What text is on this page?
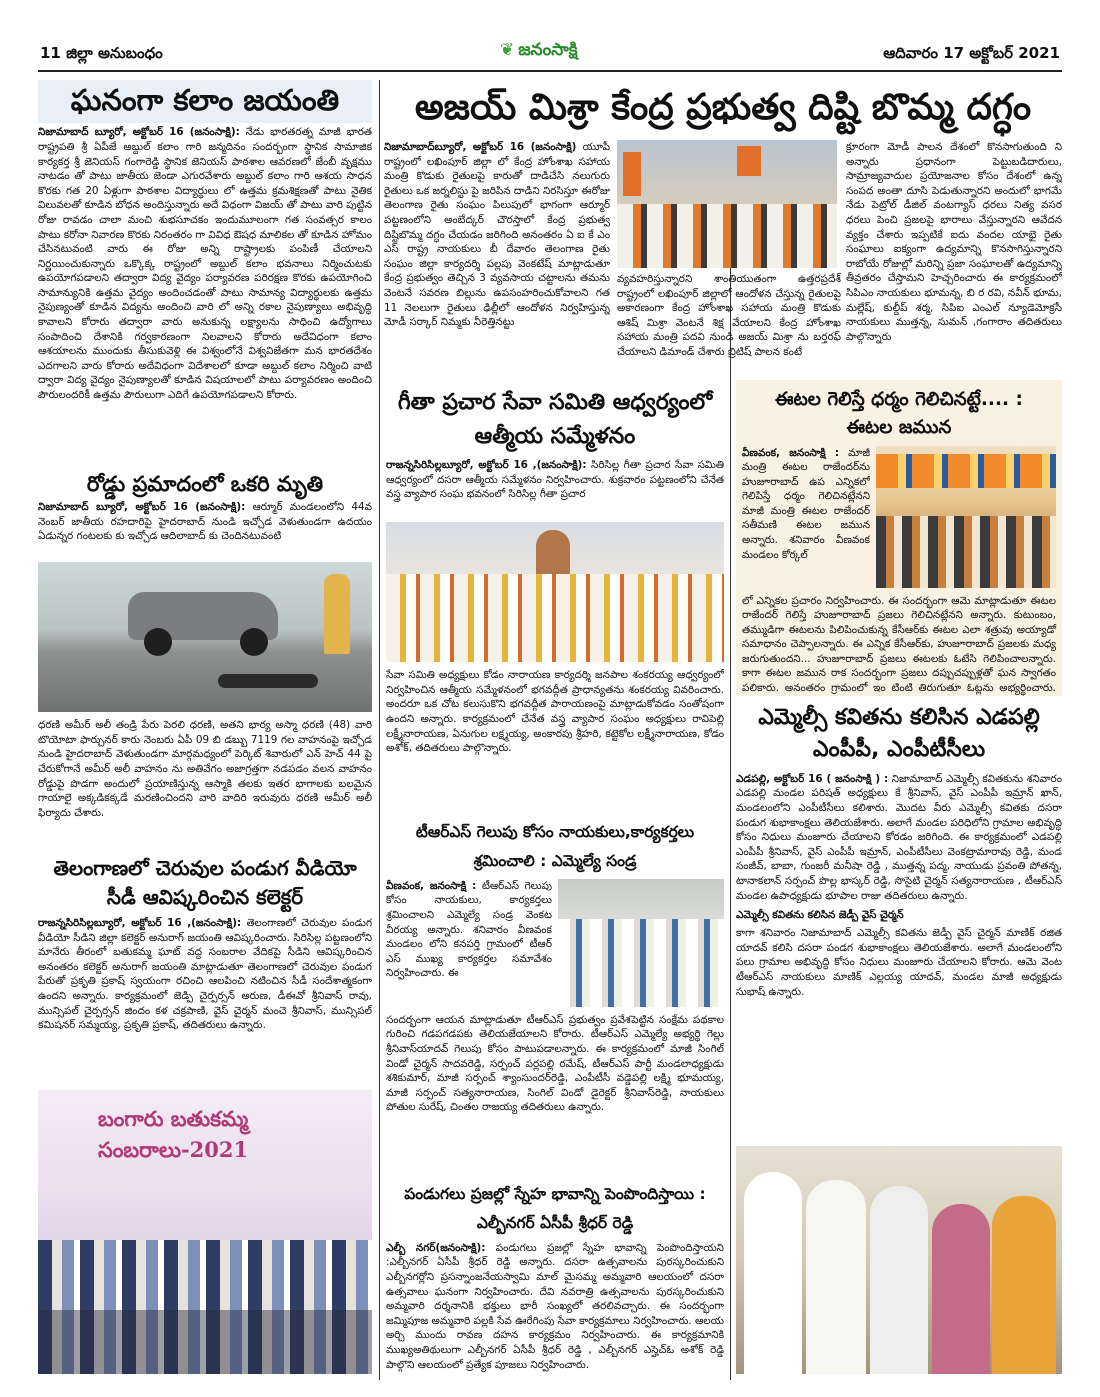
11 జిల్లా అనుబంధం	❦ జనంసాక్షి	ఆదివారం 17 అక్టోబర్ 2021
ఘనంగా కలాం జయంతి
నిజామాబాద్ బ్యూరో, అక్టోబర్ 16 (జనంసాక్షి): నేడు భారతరత్న మాజీ భారత రాష్ట్రపతి శ్రీ ఏపీజే అబ్దుల్ కలాం గారి జన్మదినం సందర్భంగా స్థానిక సామాజిక కార్యకర్త శ్రీ జెనియస్ గంగారెడ్డి స్థానిక జెనియస్ పాఠశాల ఆవరణలో జేంబీ వృక్షము నాటడం తో పాటు జాతీయ జెండా ఎగురవేశారు అబ్దుల్ కలాం గారి ఆశయ సాధన కొరకు గత 20 ఏళ్లుగా పాఠశాల విద్యార్థులు లో ఉత్తమ క్రమశిక్షణతో పాటు నైతిక విలువలతో కూడిన బోధన అందిస్తున్నారు అదే విధంగా విజయ్ తో పాటు వారి పుట్టిన రోజు రావడం చాలా మంచి శుభసూచకం ఇందుమూలంగా గత సంవత్సర కాలం పాటు కరోనా నివారణ కొరకు నిరంతరం గా వివిధ ఔషధ మాలికల తో కూడిన హోమం చేసినటువంటి వారు ఈ రోజు అన్ని రాష్ట్రాలకు పంపిణీ చేయాలని నిర్ణయించుకున్నారు ఒక్కొక్క రాష్ట్రంలో అబ్దుల్ కలాం భవనాలు నిర్మించుటకు ఉపయోగపడాలని తద్వారా విద్య వైద్యం పర్యావరణ పరిరక్షణ కొరకు ఉపయోగించి సామాన్యునికి ఉత్తమ వైద్యం అందించడంతో పాటు సామాన్య విద్యార్థులకు ఉత్తమ నైపుణ్యంతో కూడిన విద్యను అందించి వారి లో అన్ని రకాల నైపుణ్యాలు అభివృద్ధి కావాలని కోరారు తద్వారా వారు అనుకున్న లక్ష్యాలను సాధించి ఉద్యోగాలు సంపాదించి దేశానికి గర్వకారణంగా నిలవాలని కోరారు అదేవిధంగా కలాం ఆశయాలను ముందుకు తీసుకువెళ్లి ఈ విశ్వంలోనే విశ్వవిజేతగా మన భారతదేశం ఎదగాలని వారు కోరారు అదేవిధంగా విదేశాలలో కూడా అబ్దుల్ కలాం నిర్మించి వాటి ద్వారా విద్య వైద్యం నైపుణ్యాలతో కూడిన విషయాలలో పాటు పర్యావరణం అందించి పౌరులందరికీ ఉత్తమ పౌరులుగా ఎదిగే ఉపయోగపడాలని కోరారు.
రోడ్డు ప్రమాదంలో ఒకరి మృతి
నిజామాబాద్ బ్యూరో, అక్టోబర్ 16 (జనంసాక్షి): ఆర్మూర్ మండలంలోని 44వ నెంబర్ జాతీయ రహదారిపై హైదరాబాద్ నుండి ఇచ్చోడ వెళుతుండగా ఉదయం ఏడున్నర గంటలకు కు ఇచ్చోడ ఆదిలాబాద్ కు చెందినటువంటి
ధరణి అమీర్ అలీ తండ్రి పేరు పెరలి ధరణి, అతని భార్య అస్మా ధరణి (48) వారి టొయోటా ఫార్చునర్ కారు నెంబరు ఏపీ 09 బి డబ్బు 7119 గల వాహనంపై ఇచ్చోడ నుండి హైదరాబాద్ వెళుతుండగా మార్గమధ్యంలో పెర్కిట్ శివారులో ఎన్ హెచ్ 44 పై చేరుకోగానే అమీర్ అలీ వాహనం ను అతివేగం అజాగ్రత్తగా నడపడం వలన వాహనం రోడ్డుపై పొడగా అందులో ప్రయాణిస్తున్న ఆస్మాకి తలకు ఇతర భాగాలకు బలమైన గాయాలై అక్కడికక్కడే మరణించిందని వారి వాదిరి ఇరువురు ధరణి అమీర్ అలీ ఫిర్యాదు చేశారు.
తెలంగాణలో చెరువుల పండుగ వీడియో సీడీ ఆవిష్కరించిన కలెక్టర్
రాజన్నసిరిసిల్లబ్యూరో, అక్టోబర్ 16 ,(జనంసాక్షి): తెలంగాణలో చెరువుల పండుగ వీడియో సీడిని జిల్లా కలెక్టర్ అనురాగ్ జయంతి ఆవిష్కరించారు. సిరిసిల్ల పట్టణంలోని మానేరు తీరంలో బతుకమ్మ ఘాట్ వద్ద సంబరాల వేదికపై సీడిని ఆవిష్కరించిన అనంతరం కలెక్టర్ అనురాగ్ జయంతి మాట్లాడుతూ తెలంగాణలో చెరువుల పండుగ పేరుతో ప్రకృతి ప్రకాష్ స్వయంగా రచించి ఆలపించి నటించిన సీడీ సందేశాత్మకంగా ఉందని అన్నారు. కార్యక్రమంలో జెడ్పి చైర్పర్సన్ అరుణ, డీఈవో శ్రీనివాస్ రావు, మున్సిపల్ చైర్పర్సన్ జిందం కళ చక్రపాణి, వైస్ చైర్మన్ మంచె శ్రీనివాస్, మున్సిపల్ కమిషనర్ సమ్మయ్య, ప్రకృతి ప్రకాష్, తదితరులు ఉన్నారు.
బంగారు బతుకమ్మ సంబరాలు-2021
అజయ్ మిశ్రా కేంద్ర ప్రభుత్వ దిష్టి బొమ్మ దగ్ధం
నిజామాబాద్‌బ్యూరో, అక్టోబర్ 16 (జనంసాక్షి) యూపీ రాష్ట్రంలో లఖింపూర్ జిల్లా లో కేంద్ర హోంశాఖ సహాయ మంత్రి కొడుకు రైతులపై కారుతో దాడిచేసి నలుగురు రైతులు ఒక జర్నలిస్టు పై జరిపిన దాడిని నిరసిస్తూ ఈరోజు తెలంగాణ రైతు సంఘం పిలుపులో భాగంగా ఆర్మూర్ పట్టణంలోని అంబేద్కర్ చౌరస్తాలో కేంద్ర ప్రభుత్వ దిష్టిబొమ్మ దగ్ధం చేయడం జరిగింది అనంతరం ఏ ఐ కే ఎం ఎస్ రాష్ట్ర నాయకులు బీ దేవారం తెలంగాణ రైతు సంఘం జిల్లా కార్యదర్శి పల్లపు వెంకటేష్ మాట్లాడుతూ కేంద్ర ప్రభుత్వం తెచ్చిన 3 వ్యవసాయ చట్టాలను తమను వెంటనే సవరణ బిల్లును ఉపసంహరించుకోవాలని గత 11 నెలలుగా రైతులు ఢిల్లీలో ఆందోళన నిర్వహిస్తున్న మోడీ సర్కార్ నిమ్మకు నీరెత్తినట్టు
వ్యవహరిస్తున్నారని శాంతియుతంగా ఉత్తరప్రదేశ్ రాష్ట్రంలో లఖింపూర్ జిల్లాలో ఆందోళన చేస్తున్న రైతులపై అకారణంగా కేంద్ర హోంశాఖ సహాయ మంత్రి కొడుకు ఆశిష్ మిశ్రా వెంటనే శిక్ష వేయాలని కేంద్ర హోంశాఖ సహాయ మంత్రి పదవి నుండి అజయ్ మిశ్రా ను బర్తరఫ్ చేయాలని డిమాండ్ చేశారు బ్రిటిష్ పాలన కంటే
క్రూరంగా మోడీ పాలన దేశంలో కొనసాగుతుంది ని అన్నారు ప్రధానంగా పెట్టుబడిదారులు, సామ్రాజ్యవాదుల ప్రయోజనాల కోసం దేశంలో ఉన్న సంపద అంతా దూసి పెడుతున్నారని అందులో భాగమే నేడు పెట్రోల్ డీజిల్ వంటగ్యాస్ ధరలు నిత్య వసర ధరలు పెంచి ప్రజలపై భారాలు వేస్తున్నారని ఆవేదన వ్యక్తం చేశారు ఇప్పటికే ఐదు వందల యాభై రైతు సంఘాలు ఐక్యంగా ఉద్యమాన్ని కొనసాగిస్తున్నారని రాబోయే రోజుల్లో మరిన్ని ప్రజా సంఘాలతో ఉద్యమాన్ని తీవ్రతరం చేస్తామని హెచ్చరించారు ఈ కార్యక్రమంలో సిపిఎం నాయకులు భూమన్న, బి ర రవి, నవీన్ భూమ, మల్లేష్, కుల్దీప్ శర్మ, సిపిఐ ఎంఎల్ న్యూడెమోక్రసీ నాయకులు ముత్తన్న, సుమన్ ,గంగారాం తదితరులు పాల్గొన్నారు
గీతా ప్రచార సేవా సమితి ఆధ్వర్యంలో ఆత్మీయ సమ్మేళనం
రాజన్నసిరిసిల్లబ్యూరో, అక్టోబర్ 16 ,(జనంసాక్షి): సిరిసిల్ల గీతా ప్రచార సేవా సమితి ఆధ్వర్యంలో దసరా ఆత్మీయ సమ్మేళనం నిర్వహించారు. శుక్రవారం పట్టణంలోని చేనేత వస్త్ర వ్యాపార సంఘ భవనంలో సిరిసిల్ల గీతా ప్రచార
సేవా సమితి అధ్యక్షులు కోడం నారాయణ కార్యదర్శి జనపాల శంకరయ్య ఆధ్వర్యంలో నిర్వహించిన ఆత్మీయ సమ్మేళనంలో భగవద్గీత ప్రాధాన్యతను శంకరయ్య వివరించారు. అందరూ ఒక చోట కలుసుకొని భగవద్గీత పారాయణంపై మాట్లాడుకోవడం సంతోషంగా ఉందని అన్నారు. కార్యక్రమంలో చేనేత వస్త్ర వ్యాపార సంఘం అధ్యక్షులు రావిపెల్లి లక్ష్మీనారాయణ, ఏనుగుల లక్ష్మయ్య, అంకారపు శ్రీహరి, కట్టెకోల లక్ష్మీనారాయణ, కోడం అశోక్, తదితరులు పాల్గొన్నారు.
టీఆర్ఎస్ గెలుపు కోసం నాయకులు,కార్యకర్తలు శ్రమించాలి : ఎమ్మెల్యే సండ్ర
వీణవంక, జనంసాక్షి : టీఆర్ఎస్ గెలుపు కోసం నాయకులు, కార్యకర్తలు శ్రమించాలని ఎమ్మెల్యే సండ్ర వెంకట వీరయ్య అన్నారు. శనివారం వీణవంక మండలం లోని కనపర్తి గ్రామంలో టీఆర్ ఎస్ ముఖ్య కార్యకర్తల సమావేశం నిర్వహించారు. ఈ
సందర్భంగా ఆయన మాట్లాడుతూ టీఆర్ఎస్ ప్రభుత్వం ప్రవేశపెట్టిన సంక్షేమ పథకాల గురించి గడపగడపకు తెలియజేయాలని కోరారు. టీఆర్ఎస్ ఎమ్మెల్యే అభ్యర్థి గెల్లు శ్రీనివాస్‌యాదవ్ గెలుపు కోసం పాటుపడాలన్నారు. ఈ కార్యక్రమంలో మాజీ సింగిల్ విండో చైర్మన్ సాదవరెడ్డి, సర్పంచ్ పర్లపల్లి రమేష్, టీఆర్ఎస్ పార్టీ మండలాధ్యక్షుడు శశికుమార్, మాజీ సర్పంచ్ శ్యాంసుందర్‌రెడ్డి, ఎంపీటీసీ వడ్డెపల్లి లక్ష్మి భూమయ్య, మాజీ సర్పంచ్ సత్యనారాయణ, సింగిల్ విండో డైరెక్టర్ శ్రీనివాస్‌రెడ్డి, నాయకులు పోతుల సురేష్, చింతల రాజయ్య తదితరులు ఉన్నారు.
పండుగలు ప్రజల్లో స్నేహ భావాన్ని పెంపొందిస్తాయి : ఎల్బీనగర్ ఏసీపీ శ్రీధర్ రెడ్డి
ఎల్బీ నగర్(జనంసాక్షి): పండుగలు ప్రజల్లో స్నేహ భావాన్ని పెంపొందిస్తాయని :ఎల్బీనగర్ ఏసీపీ శ్రీధర్ రెడ్డి అన్నారు. దసరా ఉత్సవాలను పురస్కరించుకుని ఎల్బీనగర్లోని ప్రసన్నాంజనేయస్వామి మాల్ మైసమ్మ అమ్మవారి ఆలయంలో దసరా ఉత్సవాలు ఘనంగా నిర్వహించారు. దేవి నవరాత్రి ఉత్సవాలను పురస్కరించుకుని అమ్మవారి దర్శనానికి భక్తులు భారీ సంఖ్యలో తరలివచ్చారు. ఈ సందర్భంగా జమ్మిపూజ అమ్మవారి పల్లకి సేవ ఊరేగింపు సేవా కార్యక్రమాలు నిర్వహించారు. ఆలయ అర్చి ముందు రావణ దహన కార్యక్రమం నిర్వహించారు. ఈ కార్యక్రమానికి ముఖ్యఅతిథులుగా ఎల్బీనగర్ ఏసీపీ శ్రీధర్ రెడ్డి , ఎల్బీనగర్ ఎస్హెచ్ఓ అశోక్ రెడ్డి పాల్గొని ఆలయంలో ప్రత్యేక పూజలు నిర్వహించారు.
ఈటల గెలిస్తే ధర్మం గెలిచినట్టే.... :
ఈటల జమున
వీణవంక, జనంసాక్షి : మాజీ మంత్రి ఈటల రాజేందర్‌ను హుజూరాబాద్ ఉప ఎన్నికలో గెలిపిస్తే ధర్మం గెలిచినట్లేనని మాజీ మంత్రి ఈటల రాజేందర్ సతీమణి ఈటల జమున అన్నారు. శనివారం వీణవంక మండలం కోర్కల్
లో ఎన్నికల ప్రచారం నిర్వహించారు. ఈ సందర్భంగా ఆమె మాట్లాడుతూ ఈటల రాజేందర్ గెలిస్తే హుజూరాబాద్ ప్రజలు గెలిచినట్లేనని అన్నారు. కుటుంబం, తమ్ముడిగా ఈటలను పిలిపించుకున్న కేసీఆర్‌కు ఈటల ఎలా శత్రువు అయ్యాడో సమాధానం చెప్పాలన్నారు. ఈ ఎన్నిక కేసీఆర్‌కు, హుజూరాబాద్ ప్రజలకు మధ్య జరుగుతుందని... హుజూరాబాద్ ప్రజలు ఈటలకు ఓటేసి గెలిపించాలన్నారు. కాగా ఈటల జమున రాక సందర్భంగా ప్రజలు దప్పుచప్పుళ్లతో ఘన స్వాగతం పలికారు. అనంతరం గ్రామంలో ఇం టింటి తిరుగుతూ ఓట్లను అభ్యర్థించారు.
ఎమ్మెల్సీ కవితను కలిసిన ఎడపల్లి ఎంపీపీ, ఎంపీటీసీలు
ఎడపల్లి, అక్టోబర్ 16 ( జనంసాక్షి ) : నిజామాబాద్ ఎమ్మెల్సీ కవితకును శనివారం ఎడపల్లి మండల పరిషత్ అధ్యక్షులు కే శ్రీనివాస్, వైస్ ఎంపీపీ ఇమ్రాన్ ఖాన్, మండలంలోని ఎంపీటీసీలు కలిశారు. మొదట వీరు ఎమ్మెల్సీ కవితకు దసరా పండుగ శుభాకాంక్షలు తెలియజేశారు. అలాగే మండల పరిధిలోని గ్రామాల అభివృద్ధి కోసం నిధులు మంజూరు చేయాలని కోరడం జరిగింది. ఈ కార్యక్రమంలో ఎడపల్లి ఎంపీపీ శ్రీనివాస్, వైస్ ఎంపీపీ ఇమ్రాన్, ఎంపీటీసీలు వెంకట్రామారావు రెడ్డి, మండ సంజీవ్, బాబా, గుంజరీ మనీషా రెడ్డి , ముత్తన్న పద్మ, నాయుడు ప్రవంతి పోతన్న, టానాకలాన్ సర్పంచ్ పొల్ల భాస్కర్ రెడ్డి, సొసైటి చైర్మన్ సత్యనారాయణ , టీఆర్ఎస్ మండల ఉపాధ్యక్షుడు భూపాల రాజు తదితరులు ఉన్నారు.
ఎమ్మెల్సీ కవితను కలిసిన జెడ్పీ వైస్ చైర్మన్
కాగా శనివారం నిజామాబాద్ ఎమ్మెల్సీ కవితను జెడ్పీ వైస్ చైర్మన్ మాణిక్ రజిత యాదవ్ కలిసి దసరా పండగ శుభాకాంక్షలు తెలియజేశారు. అలాగే మండలంలోని పలు గ్రామాల అభివృద్ధి కోసం నిధులు మంజూరు చేయాలని కోరారు. ఆమె వెంట టీఆర్ఎస్ నాయకులు మాణిక్ ఎల్లయ్య యాదవ్, మండల మాజీ అధ్యక్షుడు సుభాష్ ఉన్నారు.
